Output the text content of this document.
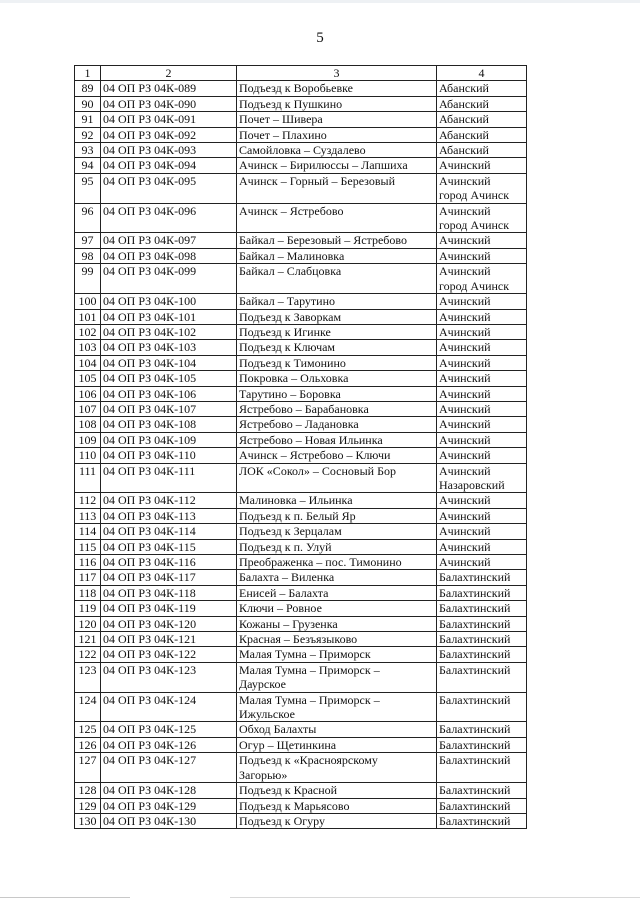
5
1	2	3	4
89	04 ОП РЗ 04К-089	Подъезд к Воробьевке	Абанский

90	04 ОП РЗ 04К-090	Подъезд к Пушкино	Абанский

91	04 ОП РЗ 04К-091	Почет – Шивера	Абанский

92	04 ОП РЗ 04К-092	Почет – Плахино	Абанский

93	04 ОП РЗ 04К-093	Самойловка – Суздалево	Абанский

94	04 ОП РЗ 04К-094	Ачинск – Бирилюссы – Лапшиха	Ачинский

95	04 ОП РЗ 04К-095	Ачинск – Горный – Березовый	Ачинский
город Ачинск

96	04 ОП РЗ 04К-096	Ачинск – Ястребово	Ачинский
город Ачинск

97	04 ОП РЗ 04К-097	Байкал – Березовый – Ястребово	Ачинский

98	04 ОП РЗ 04К-098	Байкал – Малиновка	Ачинский

99	04 ОП РЗ 04К-099	Байкал – Слабцовка	Ачинский
город Ачинск

100	04 ОП РЗ 04К-100	Байкал – Тарутино	Ачинский

101	04 ОП РЗ 04К-101	Подъезд к Заворкам	Ачинский

102	04 ОП РЗ 04К-102	Подъезд к Игинке	Ачинский

103	04 ОП РЗ 04К-103	Подъезд к Ключам	Ачинский

104	04 ОП РЗ 04К-104	Подъезд к Тимонино	Ачинский

105	04 ОП РЗ 04К-105	Покровка – Ольховка	Ачинский

106	04 ОП РЗ 04К-106	Тарутино – Боровка	Ачинский

107	04 ОП РЗ 04К-107	Ястребово – Барабановка	Ачинский

108	04 ОП РЗ 04К-108	Ястребово – Ладановка	Ачинский

109	04 ОП РЗ 04К-109	Ястребово – Новая Ильинка	Ачинский

110	04 ОП РЗ 04К-110	Ачинск – Ястребово – Ключи	Ачинский

111	04 ОП РЗ 04К-111	ЛОК «Сокол» – Сосновый Бор	Ачинский
Назаровский

112	04 ОП РЗ 04К-112	Малиновка – Ильинка	Ачинский

113	04 ОП РЗ 04К-113	Подъезд к п. Белый Яр	Ачинский

114	04 ОП РЗ 04К-114	Подъезд к Зерцалам	Ачинский

115	04 ОП РЗ 04К-115	Подъезд к п. Улуй	Ачинский

116	04 ОП РЗ 04К-116	Преображенка – пос. Тимонино	Ачинский

117	04 ОП РЗ 04К-117	Балахта – Виленка	Балахтинский

118	04 ОП РЗ 04К-118	Енисей – Балахта	Балахтинский

119	04 ОП РЗ 04К-119	Ключи – Ровное	Балахтинский

120	04 ОП РЗ 04К-120	Кожаны – Грузенка	Балахтинский

121	04 ОП РЗ 04К-121	Красная – Безъязыково	Балахтинский

122	04 ОП РЗ 04К-122	Малая Тумна – Приморск	Балахтинский

123	04 ОП РЗ 04К-123	Малая Тумна – Приморск –
Даурское	Балахтинский

124	04 ОП РЗ 04К-124	Малая Тумна – Приморск –
Ижульское	Балахтинский

125	04 ОП РЗ 04К-125	Обход Балахты	Балахтинский

126	04 ОП РЗ 04К-126	Огур – Щетинкина	Балахтинский

127	04 ОП РЗ 04К-127	Подъезд к «Красноярскому
Загорью»	Балахтинский

128	04 ОП РЗ 04К-128	Подъезд к Красной	Балахтинский

129	04 ОП РЗ 04К-129	Подъезд к Марьясово	Балахтинский

130	04 ОП РЗ 04К-130	Подъезд к Огуру	Балахтинский
